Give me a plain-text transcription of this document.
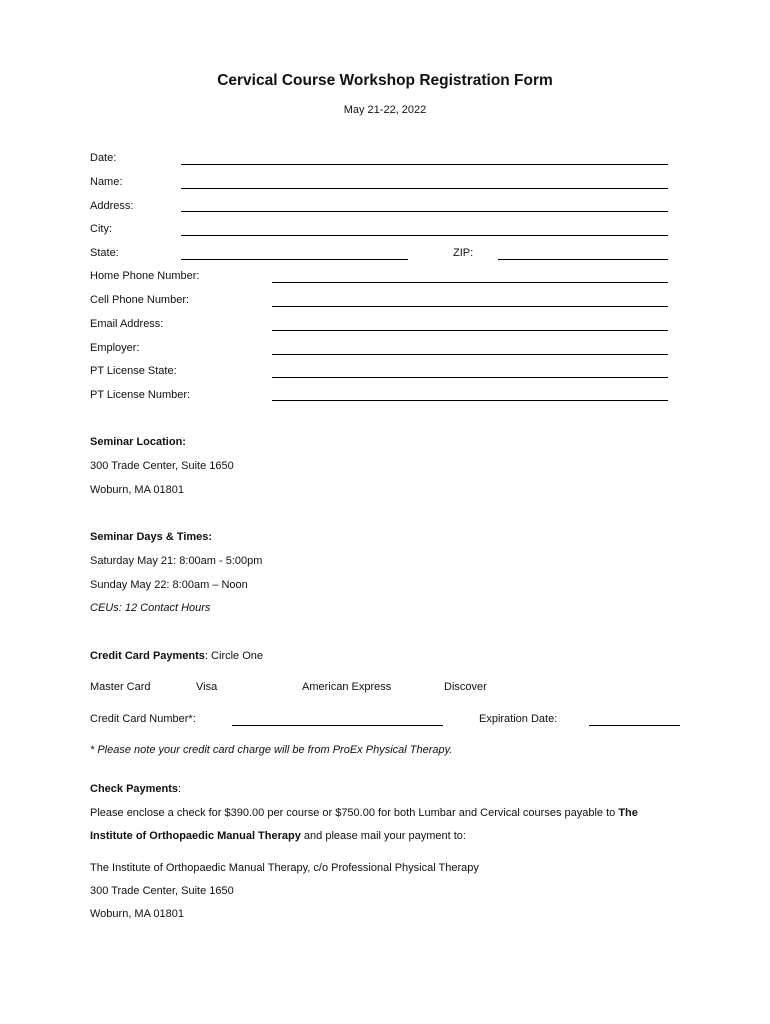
Cervical Course Workshop Registration Form
May 21-22, 2022
Date:
Name:
Address:
City:
State:	ZIP:
Home Phone Number:
Cell Phone Number:
Email Address:
Employer:
PT License State:
PT License Number:
Seminar Location:
300 Trade Center, Suite 1650
Woburn, MA 01801
Seminar Days & Times:
Saturday May 21: 8:00am - 5:00pm
Sunday May 22: 8:00am – Noon
CEUs: 12 Contact Hours
Credit Card Payments: Circle One
Master Card	Visa	American Express	Discover
Credit Card Number*:	Expiration Date:
* Please note your credit card charge will be from ProEx Physical Therapy.
Check Payments:
Please enclose a check for $390.00 per course or $750.00 for both Lumbar and Cervical courses payable to The
Institute of Orthopaedic Manual Therapy and please mail your payment to:
The Institute of Orthopaedic Manual Therapy, c/o Professional Physical Therapy
300 Trade Center, Suite 1650
Woburn, MA 01801
